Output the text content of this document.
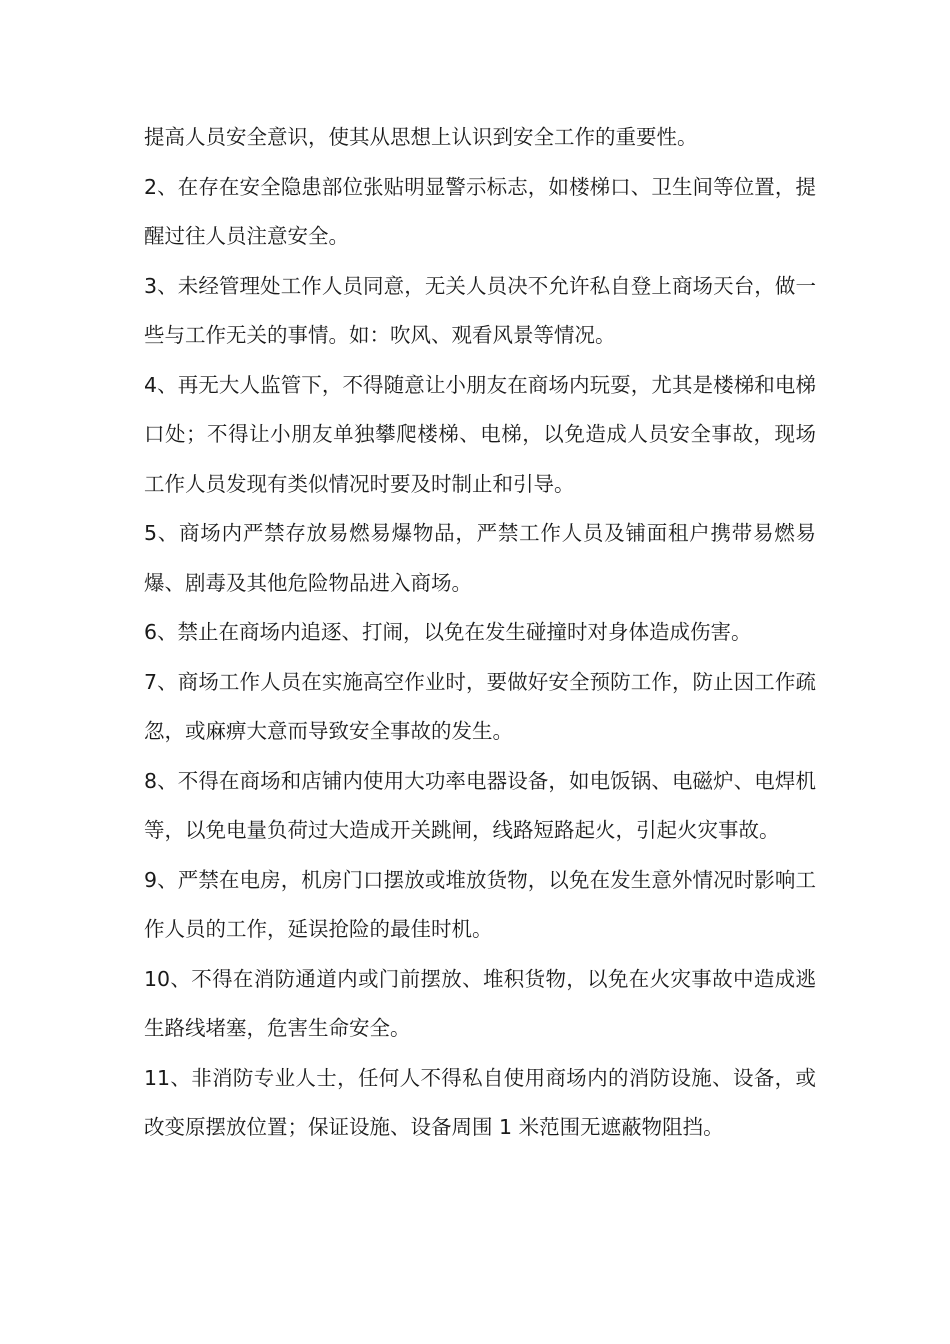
提高人员安全意识，使其从思想上认识到安全工作的重要性。

2、在存在安全隐患部位张贴明显警示标志，如楼梯口、卫生间等位置，提醒过往人员注意安全。

3、未经管理处工作人员同意，无关人员决不允许私自登上商场天台，做一些与工作无关的事情。如：吹风、观看风景等情况。

4、再无大人监管下，不得随意让小朋友在商场内玩耍，尤其是楼梯和电梯口处；不得让小朋友单独攀爬楼梯、电梯，以免造成人员安全事故，现场工作人员发现有类似情况时要及时制止和引导。

5、商场内严禁存放易燃易爆物品，严禁工作人员及铺面租户携带易燃易爆、剧毒及其他危险物品进入商场。

6、禁止在商场内追逐、打闹，以免在发生碰撞时对身体造成伤害。

7、商场工作人员在实施高空作业时，要做好安全预防工作，防止因工作疏忽，或麻痹大意而导致安全事故的发生。

8、不得在商场和店铺内使用大功率电器设备，如电饭锅、电磁炉、电焊机等，以免电量负荷过大造成开关跳闸，线路短路起火，引起火灾事故。

9、严禁在电房，机房门口摆放或堆放货物，以免在发生意外情况时影响工作人员的工作，延误抢险的最佳时机。

10、不得在消防通道内或门前摆放、堆积货物，以免在火灾事故中造成逃生路线堵塞，危害生命安全。

11、非消防专业人士，任何人不得私自使用商场内的消防设施、设备，或改变原摆放位置；保证设施、设备周围 1 米范围无遮蔽物阻挡。
